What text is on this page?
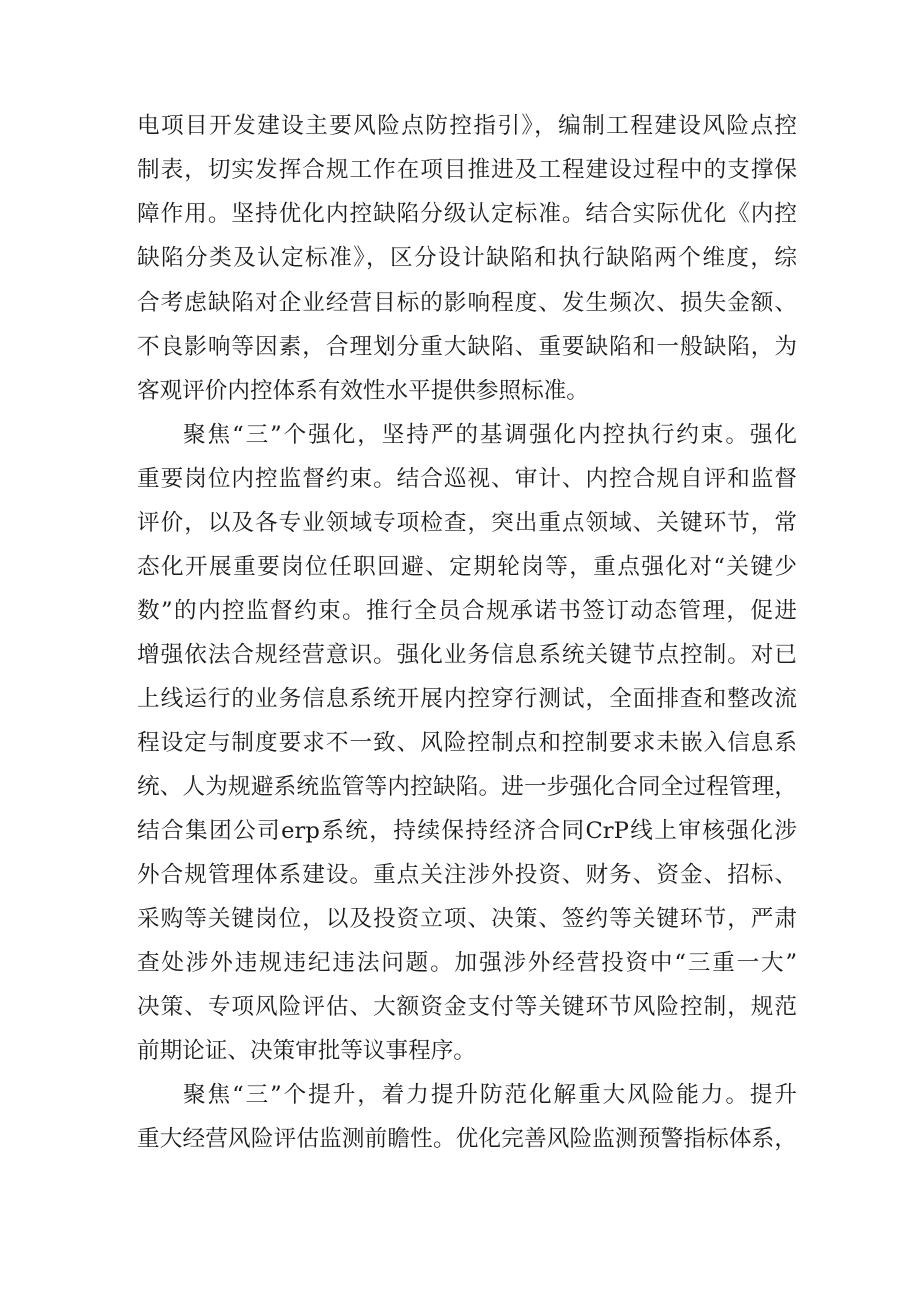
电项目开发建设主要风险点防控指引》，编制工程建设风险点控
制表，切实发挥合规工作在项目推进及工程建设过程中的支撑保
障作用。坚持优化内控缺陷分级认定标准。结合实际优化《内控
缺陷分类及认定标准》，区分设计缺陷和执行缺陷两个维度，综
合考虑缺陷对企业经营目标的影响程度、发生频次、损失金额、
不良影响等因素，合理划分重大缺陷、重要缺陷和一般缺陷，为
客观评价内控体系有效性水平提供参照标准。
聚焦“三”个强化，坚持严的基调强化内控执行约束。强化
重要岗位内控监督约束。结合巡视、审计、内控合规自评和监督
评价，以及各专业领域专项检查，突出重点领域、关键环节，常
态化开展重要岗位任职回避、定期轮岗等，重点强化对“关键少
数”的内控监督约束。推行全员合规承诺书签订动态管理，促进
增强依法合规经营意识。强化业务信息系统关键节点控制。对已
上线运行的业务信息系统开展内控穿行测试，全面排查和整改流
程设定与制度要求不一致、风险控制点和控制要求未嵌入信息系
统、人为规避系统监管等内控缺陷。进一步强化合同全过程管理，
结合集团公司erp系统，持续保持经济合同CrP线上审核强化涉
外合规管理体系建设。重点关注涉外投资、财务、资金、招标、
采购等关键岗位，以及投资立项、决策、签约等关键环节，严肃
查处涉外违规违纪违法问题。加强涉外经营投资中“三重一大”
决策、专项风险评估、大额资金支付等关键环节风险控制，规范
前期论证、决策审批等议事程序。
聚焦“三”个提升，着力提升防范化解重大风险能力。提升
重大经营风险评估监测前瞻性。优化完善风险监测预警指标体系，
